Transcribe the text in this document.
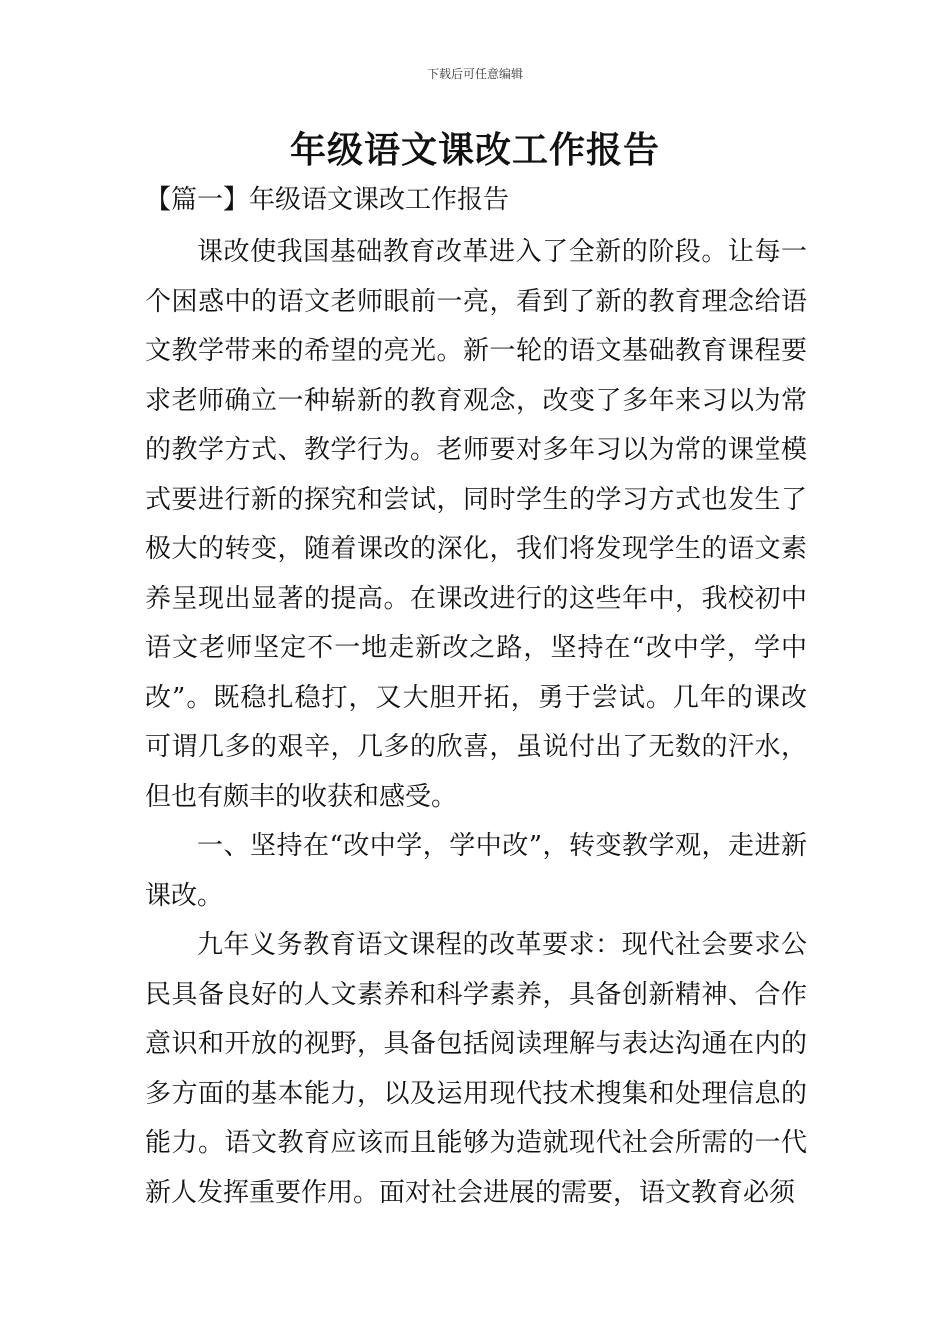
下载后可任意编辑
年级语文课改工作报告
【篇一】年级语文课改工作报告

课改使我国基础教育改革进入了全新的阶段。让每一个困惑中的语文老师眼前一亮，看到了新的教育理念给语文教学带来的希望的亮光。新一轮的语文基础教育课程要求老师确立一种崭新的教育观念，改变了多年来习以为常的教学方式、教学行为。老师要对多年习以为常的课堂模式要进行新的探究和尝试，同时学生的学习方式也发生了极大的转变，随着课改的深化，我们将发现学生的语文素养呈现出显著的提高。在课改进行的这些年中，我校初中语文老师坚定不一地走新改之路，坚持在“改中学，学中改”。既稳扎稳打，又大胆开拓，勇于尝试。几年的课改可谓几多的艰辛，几多的欣喜，虽说付出了无数的汗水，但也有颇丰的收获和感受。

一、坚持在“改中学，学中改”，转变教学观，走进新课改。

九年义务教育语文课程的改革要求：现代社会要求公民具备良好的人文素养和科学素养，具备创新精神、合作意识和开放的视野，具备包括阅读理解与表达沟通在内的多方面的基本能力，以及运用现代技术搜集和处理信息的能力。语文教育应该而且能够为造就现代社会所需的一代新人发挥重要作用。面对社会进展的需要，语文教育必须
